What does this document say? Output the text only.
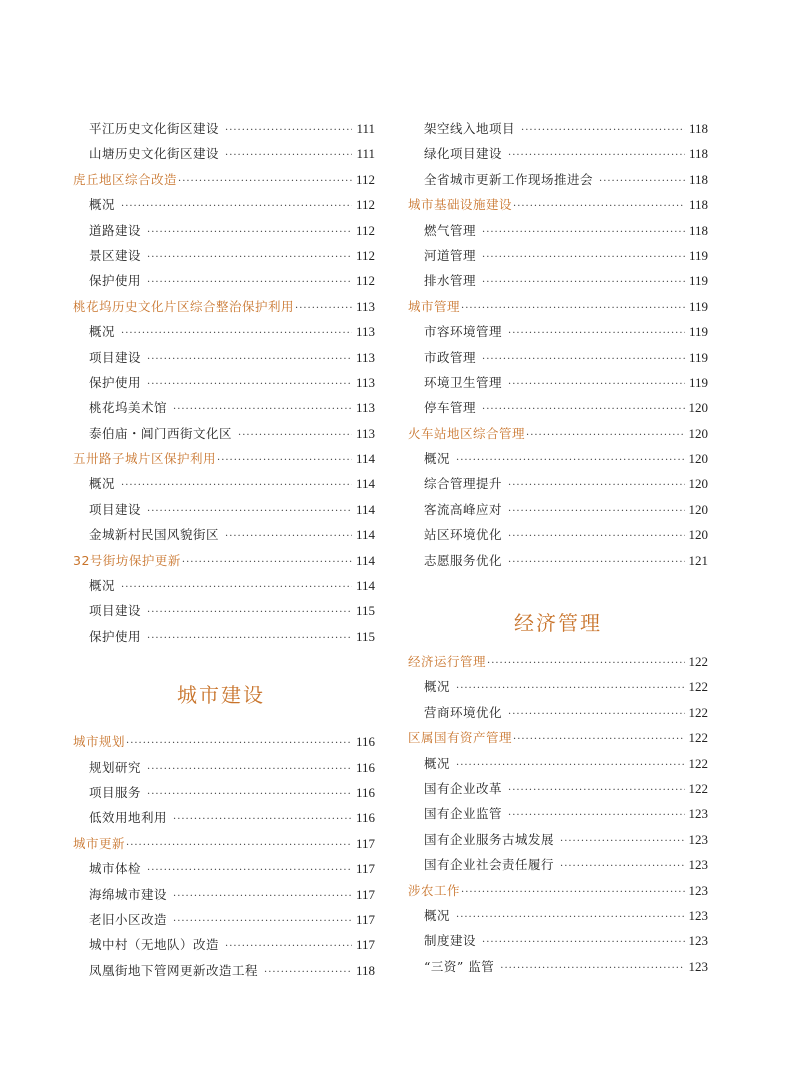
平江历史文化街区建设 ·····	111
山塘历史文化街区建设 ·····	111
虎丘地区综合改造 ·····	112
概况 ·····	112
道路建设 ·····	112
景区建设 ·····	112
保护使用 ·····	112
桃花坞历史文化片区综合整治保护利用 ·····	113
概况 ·····	113
项目建设 ·····	113
保护使用 ·····	113
桃花坞美术馆 ·····	113
泰伯庙・阊门西街文化区 ·····	113
五卅路子城片区保护利用 ·····	114
概况 ·····	114
项目建设 ·····	114
金城新村民国风貌街区 ·····	114
32号街坊保护更新 ·····	114
概况 ·····	114
项目建设 ·····	115
保护使用 ·····	115
城市建设
城市规划 ·····	116
规划研究 ·····	116
项目服务 ·····	116
低效用地利用 ·····	116
城市更新 ·····	117
城市体检 ·····	117
海绵城市建设 ·····	117
老旧小区改造 ·····	117
城中村（无地队）改造 ·····	117
凤凰街地下管网更新改造工程 ·····	118
架空线入地项目 ·····	118
绿化项目建设 ·····	118
全省城市更新工作现场推进会 ·····	118
城市基础设施建设 ·····	118
燃气管理 ·····	118
河道管理 ·····	119
排水管理 ·····	119
城市管理 ·····	119
市容环境管理 ·····	119
市政管理 ·····	119
环境卫生管理 ·····	119
停车管理 ·····	120
火车站地区综合管理 ·····	120
概况 ·····	120
综合管理提升 ·····	120
客流高峰应对 ·····	120
站区环境优化 ·····	120
志愿服务优化 ·····	121
经济管理
经济运行管理 ·····	122
概况 ·····	122
营商环境优化 ·····	122
区属国有资产管理 ·····	122
概况 ·····	122
国有企业改革 ·····	122
国有企业监管 ·····	123
国有企业服务古城发展 ·····	123
国有企业社会责任履行 ·····	123
涉农工作 ·····	123
概况 ·····	123
制度建设 ·····	123
“三资” 监管 ·····	123
